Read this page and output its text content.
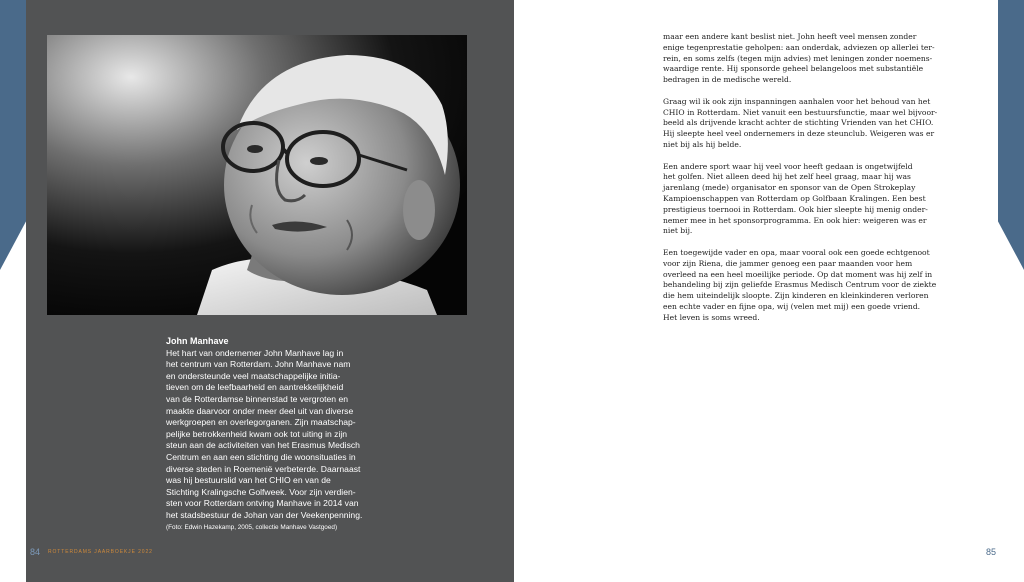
John Manhave
Het hart van ondernemer John Manhave lag in
het centrum van Rotterdam. John Manhave nam
en ondersteunde veel maatschappelijke initia-
tieven om de leefbaarheid en aantrekkelijkheid
van de Rotterdamse binnenstad te vergroten en
maakte daarvoor onder meer deel uit van diverse
werkgroepen en overlegorganen. Zijn maatschap-
pelijke betrokkenheid kwam ook tot uiting in zijn
steun aan de activiteiten van het Erasmus Medisch
Centrum en aan een stichting die woonsituaties in
diverse steden in Roemenië verbeterde. Daarnaast
was hij bestuurslid van het CHIO en van de
Stichting Kralingsche Golfweek. Voor zijn verdien-
sten voor Rotterdam ontving Manhave in 2014 van
het stadsbestuur de Johan van der Veekenpenning.
(Foto: Edwin Hazekamp, 2005, collectie Manhave Vastgoed)
84 ROTTERDAMS JAARBOEKJE 2022
maar een andere kant beslist niet. John heeft veel mensen zonder
enige tegenprestatie geholpen: aan onderdak, adviezen op allerlei ter-
rein, en soms zelfs (tegen mijn advies) met leningen zonder noemens-
waardige rente. Hij sponsorde geheel belangeloos met substantiële
bedragen in de medische wereld.
Graag wil ik ook zijn inspanningen aanhalen voor het behoud van het
CHIO in Rotterdam. Niet vanuit een bestuursfunctie, maar wel bijvoor-
beeld als drijvende kracht achter de stichting Vrienden van het CHIO.
Hij sleepte heel veel ondernemers in deze steunclub. Weigeren was er
niet bij als hij belde.
Een andere sport waar hij veel voor heeft gedaan is ongetwijfeld
het golfen. Niet alleen deed hij het zelf heel graag, maar hij was
jarenlang (mede) organisator en sponsor van de Open Strokeplay
Kampioenschappen van Rotterdam op Golfbaan Kralingen. Een best
prestigieus toernooi in Rotterdam. Ook hier sleepte hij menig onder-
nemer mee in het sponsorprogramma. En ook hier: weigeren was er
niet bij.
Een toegewijde vader en opa, maar vooral ook een goede echtgenoot
voor zijn Riena, die jammer genoeg een paar maanden voor hem
overleed na een heel moeilijke periode. Op dat moment was hij zelf in
behandeling bij zijn geliefde Erasmus Medisch Centrum voor de ziekte
die hem uiteindelijk sloopte. Zijn kinderen en kleinkinderen verloren
een echte vader en fijne opa, wij (velen met mij) een goede vriend.
Het leven is soms wreed.
85
